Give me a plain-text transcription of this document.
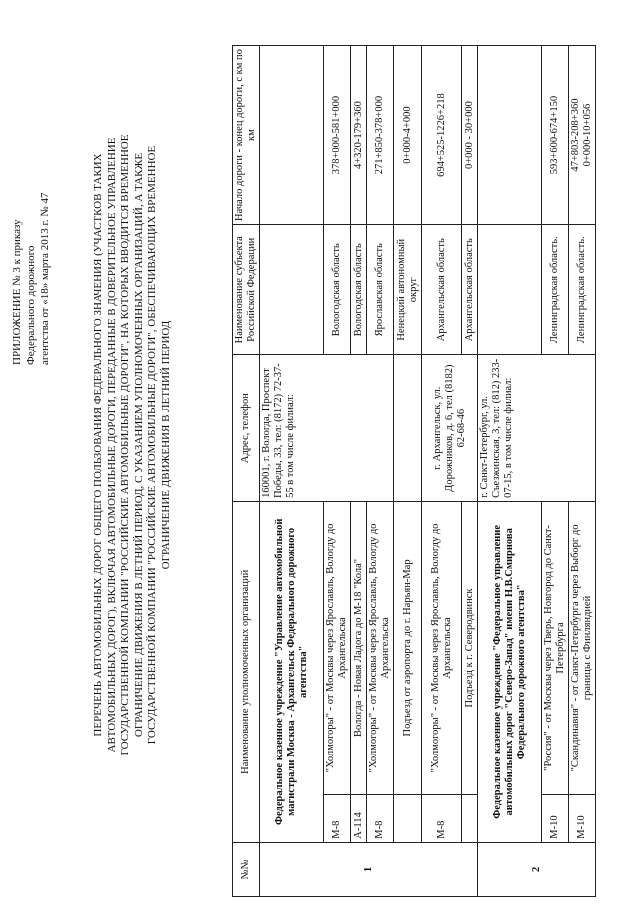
ПРИЛОЖЕНИЕ № 3 к приказу Федерального дорожного агентства от «18» марта 2013 г. № 47	ПЕРЕЧЕНЬ АВТОМОБИЛЬНЫХ ДОРОГ ОБЩЕГО ПОЛЬЗОВАНИЯ ФЕДЕРАЛЬНОГО ЗНАЧЕНИЯ (УЧАСТКОВ ТАКИХ АВТОМОБИЛЬНЫХ ДОРОГ), ВКЛЮЧАЯ АВТОМОБИЛЬНЫЕ ДОРОГИ, ПЕРЕДАННЫЕ В ДОВЕРИТЕЛЬНОЕ УПРАВЛЕНИЕ ГОСУДАРСТВЕННОЙ КОМПАНИИ "РОССИЙСКИЕ АВТОМОБИЛЬНЫЕ ДОРОГИ", НА КОТОРЫХ ВВОДИТСЯ ВРЕМЕННОЕ ОГРАНИЧЕНИЕ ДВИЖЕНИЯ В ЛЕТНИЙ ПЕРИОД, С УКАЗАНИЕМ УПОЛНОМОЧЕННЫХ ОРГАНИЗАЦИЙ, А ТАКЖЕ ГОСУДАРСТВЕННОЙ КОМПАНИИ "РОССИЙСКИЕ АВТОМОБИЛЬНЫЕ ДОРОГИ", ОБЕСПЕЧИВАЮЩИХ ВРЕМЕННОЕ ОГРАНИЧЕНИЕ ДВИЖЕНИЯ В ЛЕТНИЙ ПЕРИОД
№№	Наименование уполномоченных организаций		Адрес, телефон	Наименование субъекта Российской Федерации	Начало дороги - конец дороги, с км по км
1	Федеральное казенное учреждение "Управление автомобильной магистрали Москва - Архангельск Федерального дорожного агентства"		160001, г. Вологда, Проспект Победы, 33, тел: (8172) 72-37-55 в том числе филиал:		
	М-8	"Холмогоры" - от Москвы через Ярославль, Вологду до Архангельска		Вологодская область	378+000-581+000
	А-114	Вологда - Новая Ладога до М-18 "Кола"		Вологодская область	4+320-179+360
	М-8	"Холмогоры" - от Москвы через Ярославль, Вологду до Архангельска		Ярославская область	271+850-378+000
		Подъезд от аэропорта до г. Нарьян-Мар		Ненецкий автономный округ	0+000-4+000
	М-8	"Холмогоры" - от Москвы через Ярославль, Вологду до Архангельска	г. Архангельск, ул. Дорожников, д. 6, тел (8182) 62-68-46	Архангельская область	694+525-1226+218
		Подъезд к г. Северодвинск		Архангельская область	0+000 - 30+000
2	Федеральное казенное учреждение "Федеральное управление автомобильных дорог "Северо-Запад" имени Н.В.Смирнова Федерального дорожного агентства"		г. Санкт-Петербург, ул. Съезжинская, 3, тел: (812) 233-07-15, в том числе филиал:		
	М-10	"Россия" - от Москвы через Тверь, Новгород до Санкт-Петербурга		Ленинградская область.	593+600-674+150
	М-10	"Скандинавия" - от Санкт-Петербурга через Выборг до границы с Финляндией		Ленинградская область.	47+803-208+360 0+000-10+056
